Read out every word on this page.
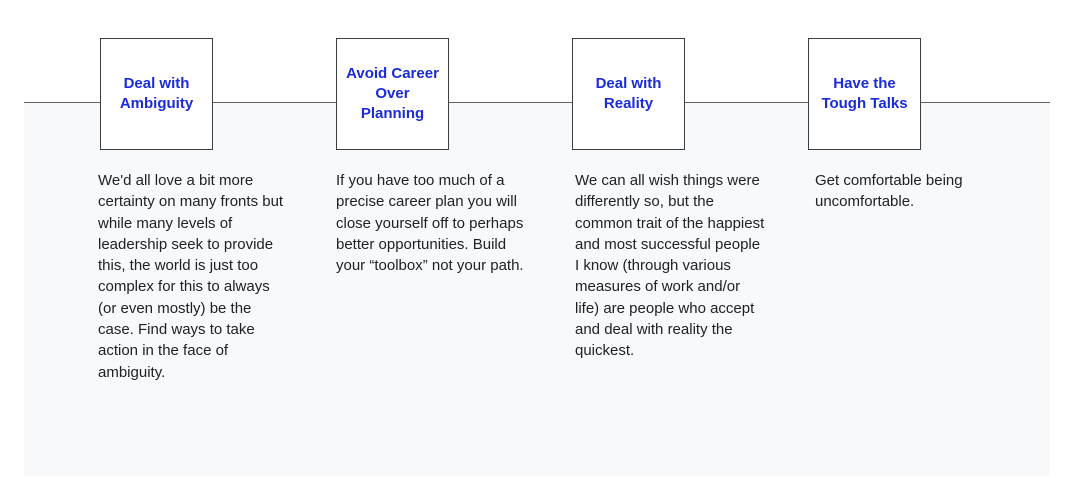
Deal with Ambiguity

We'd all love a bit more certainty on many fronts but while many levels of leadership seek to provide this, the world is just too complex for this to always (or even mostly) be the case. Find ways to take action in the face of ambiguity.

Avoid Career Over Planning

If you have too much of a precise career plan you will close yourself off to perhaps better opportunities. Build your “toolbox” not your path.

Deal with Reality

We can all wish things were differently so, but the common trait of the happiest and most successful people I know (through various measures of work and/or life) are people who accept and deal with reality the quickest.

Have the Tough Talks

Get comfortable being uncomfortable.
